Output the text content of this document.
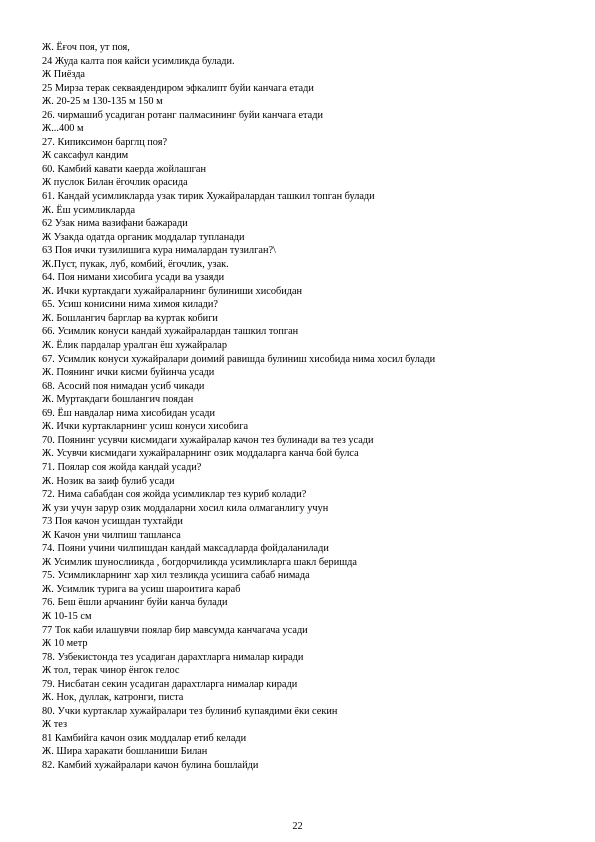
Ж. Ёғоч поя, ут поя,
24 Жуда калта поя кайси усимликда булади.
Ж Пиёзда
25 Мирза терак секваядендиром эфкалипт буйи канчага етади
Ж. 20-25 м 130-135 м 150 м
26. чирмашиб усадиган ротанг палмасининг буйи канчага етади
Ж...400 м
27. Кипиксимон барглц поя?
Ж саксафул кандим
60. Камбий кавати каерда жойлашган
Ж пуслок Билан ёгочлик орасида
61. Кандай усимликларда узак тирик Хужайралардан ташкил топган булади
Ж. Ёш усимликларда
62 Узак нима вазифани бажаради
Ж Узакда одатда органик моддалар тупланади
63 Поя ички тузилишига кура нималардан тузилган?\
Ж.Пуст, пукак, луб, комбий, ёгочлик, узак.
64. Поя нимани хисобига усади ва узаяди
Ж. Ички куртакдаги хужайраларнинг булиниши хисобидан
65. Усиш конисини нима химоя килади?
Ж. Бошлангич барглар ва куртак кобиги
66. Усимлик конуси кандай хужайралардан ташкил топган
Ж. Ёлик пардалар уралган ёш хужайралар
67. Усимлик конуси хужайралари доимий равишда булиниш хисобида нима хосил булади
Ж. Поянинг ички кисми буйинча усади
68. Асосий поя нимадан усиб чикади
Ж. Муртакдаги бошлангич поядан
69. Ёш навдалар нима хисобидан усади
Ж. Ички куртакларнинг усиш конуси хисобига
70. Поянинг усувчи кисмидаги хужайралар качон тез булинади ва тез усади
Ж. Усувчи кисмидаги хужайраларнинг озик моддаларга канча бой булса
71. Поялар соя жойда кандай усади?
Ж. Нозик ва заиф булиб усади
72. Нима сабабдан соя жойда усимликлар тез куриб колади?
Ж узи учун зарур озик моддаларни хосил кила олмаганлигу учун
73 Поя качон усишдан тухтайди
Ж Качон уни чилпиш ташланса
74. Пояни учини чилпишдан кандай максадларда фойдаланилади
Ж Усимлик шунослиикда , богдорчиликда усимликларга шакл беришда
75. Усимликларнинг хар хил тезликда усишига сабаб нимада
Ж. Усимлик турига ва усиш шароитига караб
76. Беш ёшли арчанинг буйи канча булади
Ж 10-15 см
77 Ток каби илашувчи поялар бир мавсумда канчагача усади
Ж 10 метр
78. Узбекистонда тез усадиган дарахтларга нималар киради
Ж тол, терак чинор ёнгок гелос
79. Нисбатан секин усадиган дарахтларга нималар киради
Ж. Нок, дуллак, катронги, писта
80. Учки куртаклар хужайралари тез булиниб купаядими ёки секин
Ж тез
81 Камбийга качон озик моддалар етиб келади
Ж. Шира харакати бошланиши Билан
82. Камбий хужайралари качон булина бошлайди
22
